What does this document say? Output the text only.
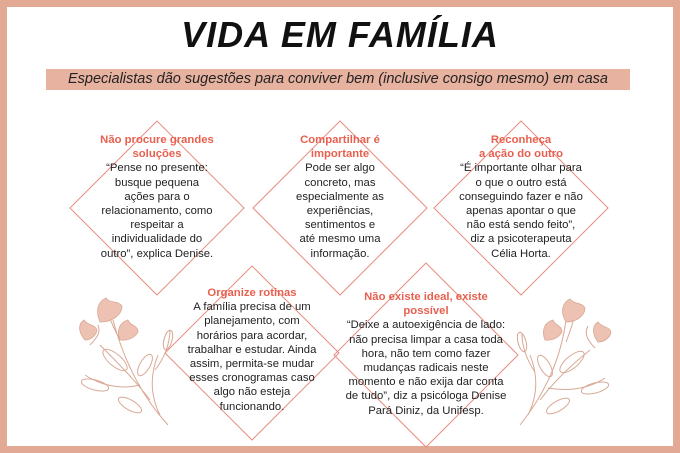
VIDA EM FAMÍLIA
Especialistas dão sugestões para conviver bem (inclusive consigo mesmo) em casa
Não procure grandes
soluções
“Pense no presente:
busque pequena
ações para o
relacionamento, como
respeitar a
individualidade do
outro”, explica Denise.
Compartilhar é
importante
Pode ser algo
concreto, mas
especialmente as
experiências,
sentimentos e
até mesmo uma
informação.
Reconheça
a ação do outro
“É importante olhar para
o que o outro está
conseguindo fazer e não
apenas apontar o que
não está sendo feito”,
diz a psicoterapeuta
Célia Horta.
Organize rotinas
A família precisa de um
planejamento, com
horários para acordar,
trabalhar e estudar. Ainda
assim, permita-se mudar
esses cronogramas caso
algo não esteja
funcionando.
Não existe ideal, existe
possível
“Deixe a autoexigência de lado:
não precisa limpar a casa toda
hora, não tem como fazer
mudanças radicais neste
momento e não exija dar conta
de tudo”, diz a psicóloga Denise
Pará Diniz, da Unifesp.
